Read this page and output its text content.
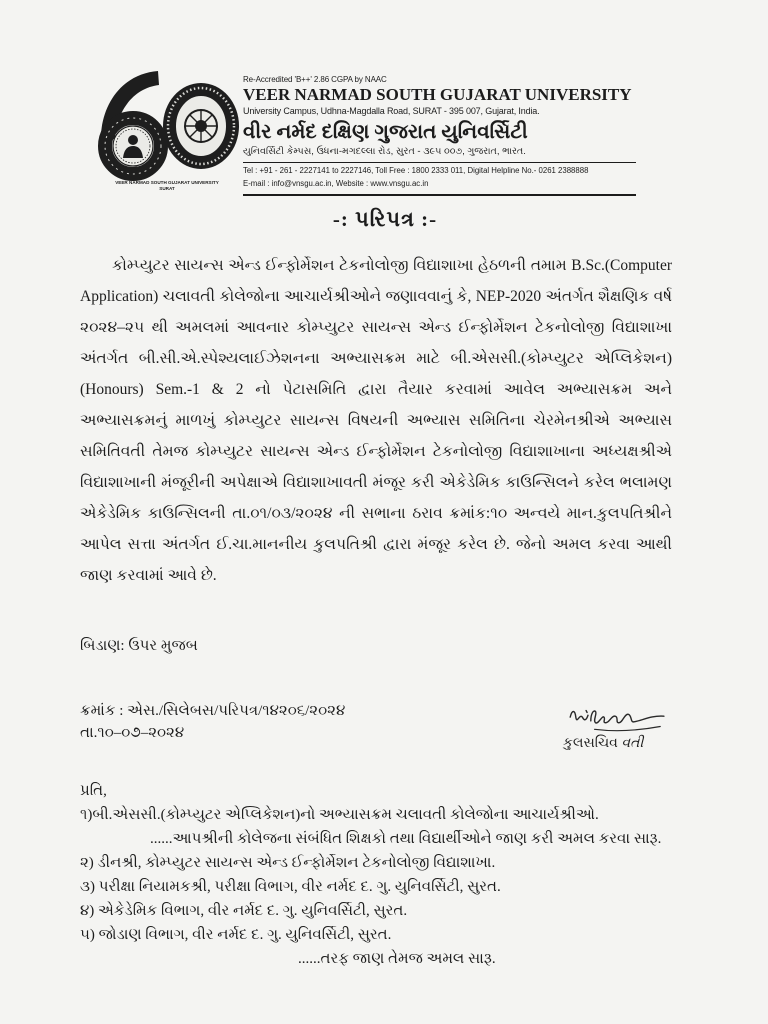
VEER NARMAD SOUTH GUJARAT UNIVERSITY
SURAT
Re-Accredited 'B++' 2.86 CGPA by NAAC
VEER NARMAD SOUTH GUJARAT UNIVERSITY
University Campus, Udhna-Magdalla Road, SURAT - 395 007, Gujarat, India.
વીર નર્મદ દક્ષિણ ગુજરાત યુનિવર્સિટી
યુનિવર્સિટી કેમ્પસ, ઉધના-મગદલ્લા રોડ, સુરત - ૩૯૫ ૦૦૭, ગુજરાત, ભારત.
Tel : +91 - 261 - 2227141 to 2227146, Toll Free : 1800 2333 011, Digital Helpline No.- 0261 2388888
E-mail : info@vnsgu.ac.in, Website : www.vnsgu.ac.in
-: પરિપત્ર :-

કોમ્પ્યુટર સાયન્સ એન્ડ ઈન્ફોર્મેશન ટેકનોલોજી વિદ્યાશાખા હેઠળની તમામ B.Sc.(Computer Application) ચલાવતી કોલેજોના આચાર્યશ્રીઓને જણાવવાનું કે, NEP-2020 અંતર્ગત શૈક્ષણિક વર્ષ ૨૦૨૪–૨૫ થી અમલમાં આવનાર કોમ્પ્યુટર સાયન્સ એન્ડ ઈન્ફોર્મેશન ટેકનોલોજી વિદ્યાશાખા અંતર્ગત બી.સી.એ.સ્પેશ્યલાઈઝેશનના અભ્યાસક્રમ માટે બી.એસસી.(કોમ્પ્યુટર એપ્લિકેશન)(Honours) Sem.-1 & 2 નો પેટાસમિતિ દ્વારા તૈયાર કરવામાં આવેલ અભ્યાસક્રમ અને અભ્યાસક્રમનું માળખું કોમ્પ્યુટર સાયન્સ વિષયની અભ્યાસ સમિતિના ચેરમેનશ્રીએ અભ્યાસ સમિતિવતી તેમજ કોમ્પ્યુટર સાયન્સ એન્ડ ઈન્ફોર્મેશન ટેકનોલોજી વિદ્યાશાખાના અધ્યક્ષશ્રીએ વિદ્યાશાખાની મંજૂરીની અપેક્ષાએ વિદ્યાશાખાવતી મંજૂર કરી એકેડેમિક કાઉન્સિલને કરેલ ભલામણ એકેડેમિક કાઉન્સિલની તા.૦૧/૦૩/૨૦૨૪ ની સભાના ઠરાવ ક્રમાંક:૧૦ અન્વયે માન.કુલપતિશ્રીને આપેલ સત્તા અંતર્ગત ઈ.ચા.માનનીય કુલપતિશ્રી દ્વારા મંજૂર કરેલ છે. જેનો અમલ કરવા આથી જાણ કરવામાં આવે છે.

બિડાણ: ઉપર મુજબ
ક્રમાંક : એસ./સિલેબસ/પરિપત્ર/૧૪૨૦૬/૨૦૨૪
તા.૧૦–૦૭–૨૦૨૪
કુલસચિવ વતી
પ્રતિ,
૧)બી.એસસી.(કોમ્પ્યુટર એપ્લિકેશન)નો અભ્યાસક્રમ ચલાવતી કોલેજોના આચાર્યશ્રીઓ.
......આપશ્રીની કોલેજના સંબંધિત શિક્ષકો તથા વિદ્યાર્થીઓને જાણ કરી અમલ કરવા સારૂ.
૨) ડીનશ્રી, કોમ્પ્યુટર સાયન્સ એન્ડ ઈન્ફોર્મેશન ટેકનોલોજી વિદ્યાશાખા.
૩) પરીક્ષા નિયામકશ્રી, પરીક્ષા વિભાગ, વીર નર્મદ દ. ગુ. યુનિવર્સિટી, સુરત.
૪) એકેડેમિક વિભાગ, વીર નર્મદ દ. ગુ. યુનિવર્સિટી, સુરત.
૫) જોડાણ વિભાગ, વીર નર્મદ દ. ગુ. યુનિવર્સિટી, સુરત.
......તરફ જાણ તેમજ અમલ સારૂ.
